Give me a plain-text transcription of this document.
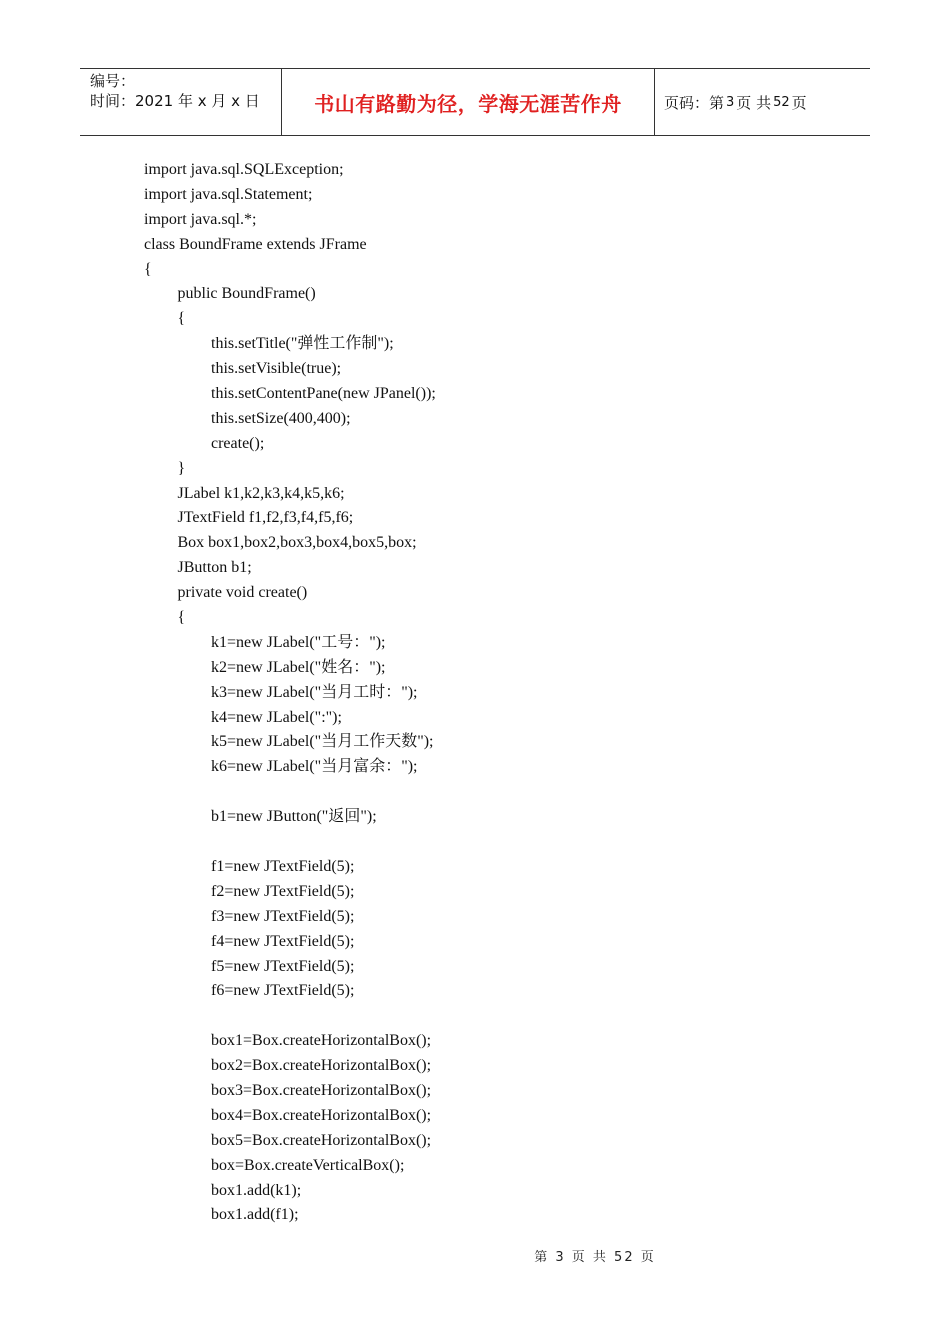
编号：
时间：2021 年 x 月 x 日	书山有路勤为径，学海无涯苦作舟	页码：第 3 页 共 52 页
import java.sql.SQLException;
import java.sql.Statement;
import java.sql.*;
class BoundFrame extends JFrame
{
public BoundFrame()
{
this.setTitle("弹性工作制");
this.setVisible(true);
this.setContentPane(new JPanel());
this.setSize(400,400);
create();
}
JLabel k1,k2,k3,k4,k5,k6;
JTextField f1,f2,f3,f4,f5,f6;
Box box1,box2,box3,box4,box5,box;
JButton b1;
private void create()
{
k1=new JLabel("工号：");
k2=new JLabel("姓名：");
k3=new JLabel("当月工时：");
k4=new JLabel(":");
k5=new JLabel("当月工作天数");
k6=new JLabel("当月富余：");
b1=new JButton("返回");
f1=new JTextField(5);
f2=new JTextField(5);
f3=new JTextField(5);
f4=new JTextField(5);
f5=new JTextField(5);
f6=new JTextField(5);
box1=Box.createHorizontalBox();
box2=Box.createHorizontalBox();
box3=Box.createHorizontalBox();
box4=Box.createHorizontalBox();
box5=Box.createHorizontalBox();
box=Box.createVerticalBox();
box1.add(k1);
box1.add(f1);
第 3 页 共 52 页
